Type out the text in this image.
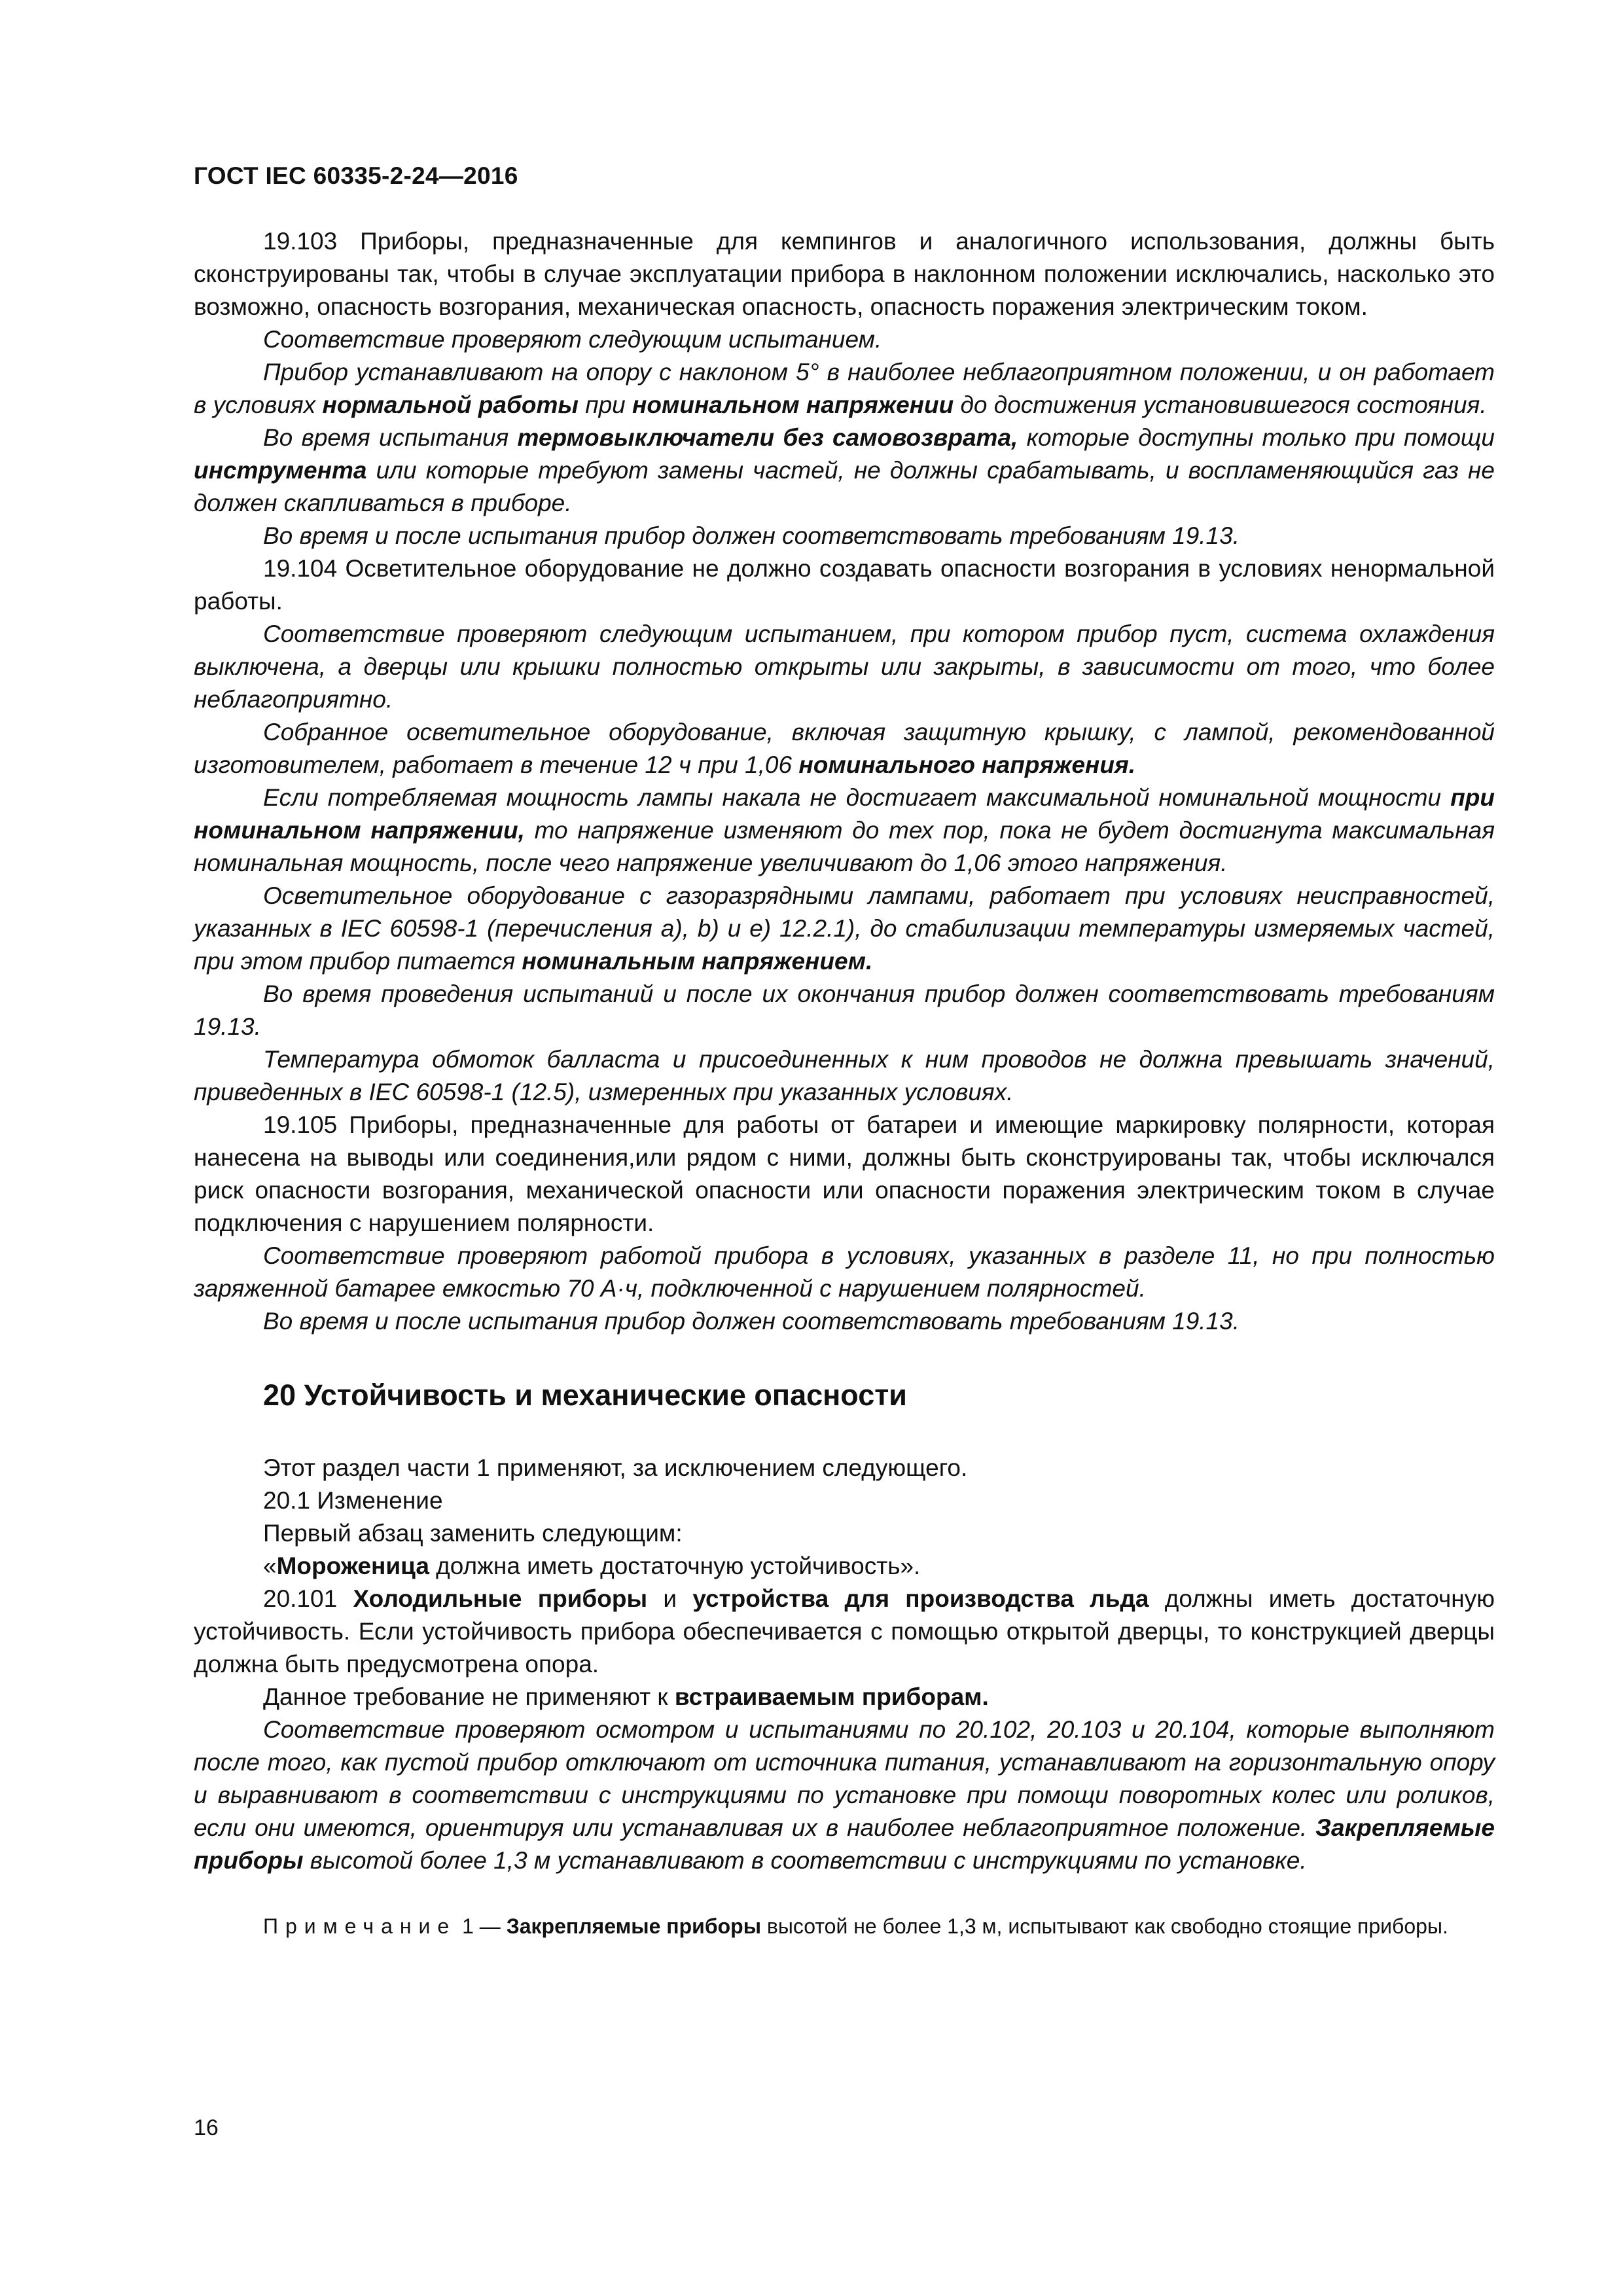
ГОСТ IEC 60335-2-24—2016

19.103 Приборы, предназначенные для кемпингов и аналогичного использования, должны быть сконструированы так, чтобы в случае эксплуатации прибора в наклонном положении исключались, насколько это возможно, опасность возгорания, механическая опасность, опасность поражения электрическим током.

Соответствие проверяют следующим испытанием.

Прибор устанавливают на опору с наклоном 5° в наиболее неблагоприятном положении, и он работает в условиях нормальной работы при номинальном напряжении до достижения установившегося состояния.

Во время испытания термовыключатели без самовозврата, которые доступны только при помощи инструмента или которые требуют замены частей, не должны срабатывать, и воспламеняющийся газ не должен скапливаться в приборе.

Во время и после испытания прибор должен соответствовать требованиям 19.13.

19.104 Осветительное оборудование не должно создавать опасности возгорания в условиях ненормальной работы.

Соответствие проверяют следующим испытанием, при котором прибор пуст, система охлаждения выключена, а дверцы или крышки полностью открыты или закрыты, в зависимости от того, что более неблагоприятно.

Собранное осветительное оборудование, включая защитную крышку, с лампой, рекомендованной изготовителем, работает в течение 12 ч при 1,06 номинального напряжения.

Если потребляемая мощность лампы накала не достигает максимальной номинальной мощности при номинальном напряжении, то напряжение изменяют до тех пор, пока не будет достигнута максимальная номинальная мощность, после чего напряжение увеличивают до 1,06 этого напряжения.

Осветительное оборудование с газоразрядными лампами, работает при условиях неисправностей, указанных в IEC 60598-1 (перечисления a), b) и e) 12.2.1), до стабилизации температуры измеряемых частей, при этом прибор питается номинальным напряжением.

Во время проведения испытаний и после их окончания прибор должен соответствовать требованиям 19.13.

Температура обмоток балласта и присоединенных к ним проводов не должна превышать значений, приведенных в IEC 60598-1 (12.5), измеренных при указанных условиях.

19.105 Приборы, предназначенные для работы от батареи и имеющие маркировку полярности, которая нанесена на выводы или соединения,или рядом с ними, должны быть сконструированы так, чтобы исключался риск опасности возгорания, механической опасности или опасности поражения электрическим током в случае подключения с нарушением полярности.

Соответствие проверяют работой прибора в условиях, указанных в разделе 11, но при полностью заряженной батарее емкостью 70 А·ч, подключенной с нарушением полярностей.

Во время и после испытания прибор должен соответствовать требованиям 19.13.

20 Устойчивость и механические опасности

Этот раздел части 1 применяют, за исключением следующего.

20.1 Изменение

Первый абзац заменить следующим:

«Мороженица должна иметь достаточную устойчивость».

20.101 Холодильные приборы и устройства для производства льда должны иметь достаточную устойчивость. Если устойчивость прибора обеспечивается с помощью открытой дверцы, то конструкцией дверцы должна быть предусмотрена опора.

Данное требование не применяют к встраиваемым приборам.

Соответствие проверяют осмотром и испытаниями по 20.102, 20.103 и 20.104, которые выполняют после того, как пустой прибор отключают от источника питания, устанавливают на горизонтальную опору и выравнивают в соответствии с инструкциями по установке при помощи поворотных колес или роликов, если они имеются, ориентируя или устанавливая их в наиболее неблагоприятное положение. Закрепляемые приборы высотой более 1,3 м устанавливают в соответствии с инструкциями по установке.

Примечание 1 — Закрепляемые приборы высотой не более 1,3 м, испытывают как свободно стоящие приборы.

16
